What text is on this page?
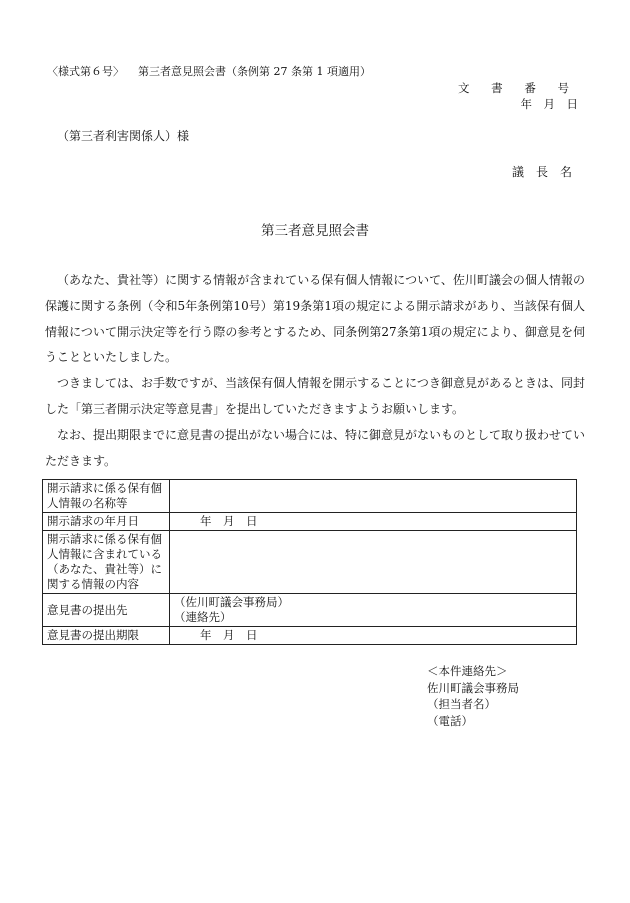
〈様式第６号〉 第三者意見照会書（条例第 27 条第 1 項適用）
文 書 番 号
年　月　日
（第三者利害関係人）様
議　長　名
第三者意見照会書

（あなた、貴社等）に関する情報が含まれている保有個人情報について、佐川町議会の個人情報の保護に関する条例（令和5年条例第10号）第19条第1項の規定による開示請求があり、当該保有個人情報について開示決定等を行う際の参考とするため、同条例第27条第1項の規定により、御意見を伺うことといたしました。

つきましては、お手数ですが、当該保有個人情報を開示することにつき御意見があるときは、同封した「第三者開示決定等意見書」を提出していただきますようお願いします。

なお、提出期限までに意見書の提出がない場合には、特に御意見がないものとして取り扱わせていただきます。

開示請求に係る保有個人情報の名称等	
開示請求の年月日	年　月　日
開示請求に係る保有個人情報に含まれている（あなた、貴社等）に関する情報の内容	
意見書の提出先	（佐川町議会事務局）
（連絡先）
意見書の提出期限	年　月　日
＜本件連絡先＞
佐川町議会事務局
（担当者名）
（電話）
